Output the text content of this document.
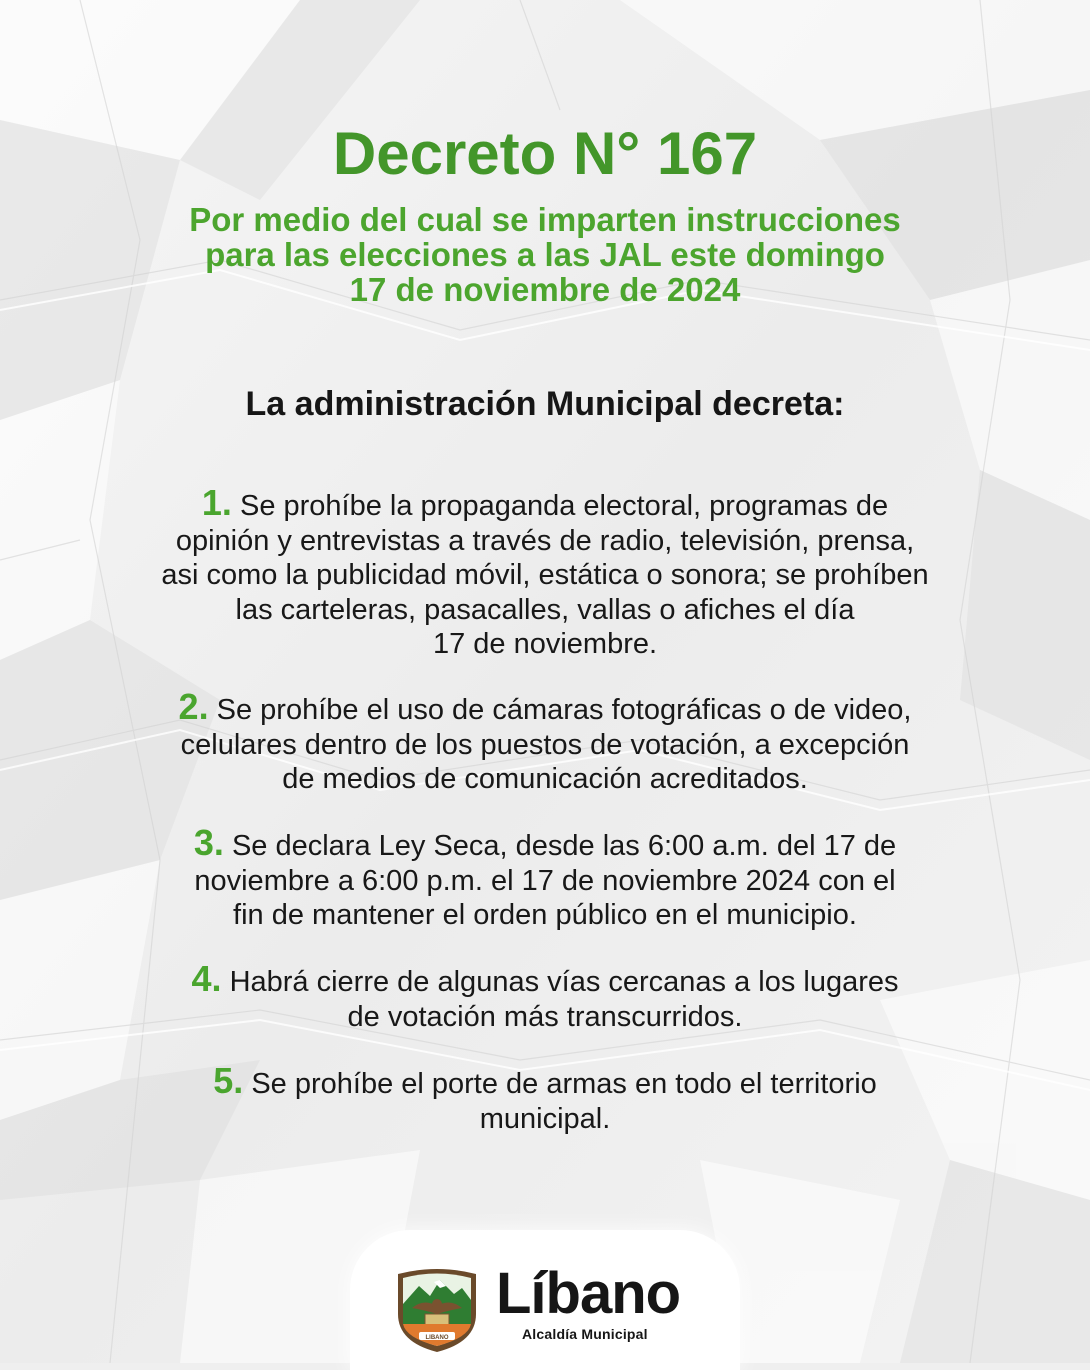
Decreto N° 167
Por medio del cual se imparten instrucciones
para las elecciones a las JAL este domingo
17 de noviembre de 2024
La administración Municipal decreta:
1. Se prohíbe la propaganda electoral, programas de
opinión y entrevistas a través de radio, televisión, prensa,
asi como la publicidad móvil, estática o sonora; se prohíben
las carteleras, pasacalles, vallas o afiches el día
17 de noviembre.
2. Se prohíbe el uso de cámaras fotográficas o de video,
celulares dentro de los puestos de votación, a excepción
de medios de comunicación acreditados.
3. Se declara Ley Seca, desde las 6:00 a.m. del 17 de
noviembre a 6:00 p.m. el 17 de noviembre 2024 con el
fin de mantener el orden público en el municipio.
4. Habrá cierre de algunas vías cercanas a los lugares
de votación más transcurridos.
5. Se prohíbe el porte de armas en todo el territorio
municipal.
LIBANO
Líbano
Alcaldía Municipal
